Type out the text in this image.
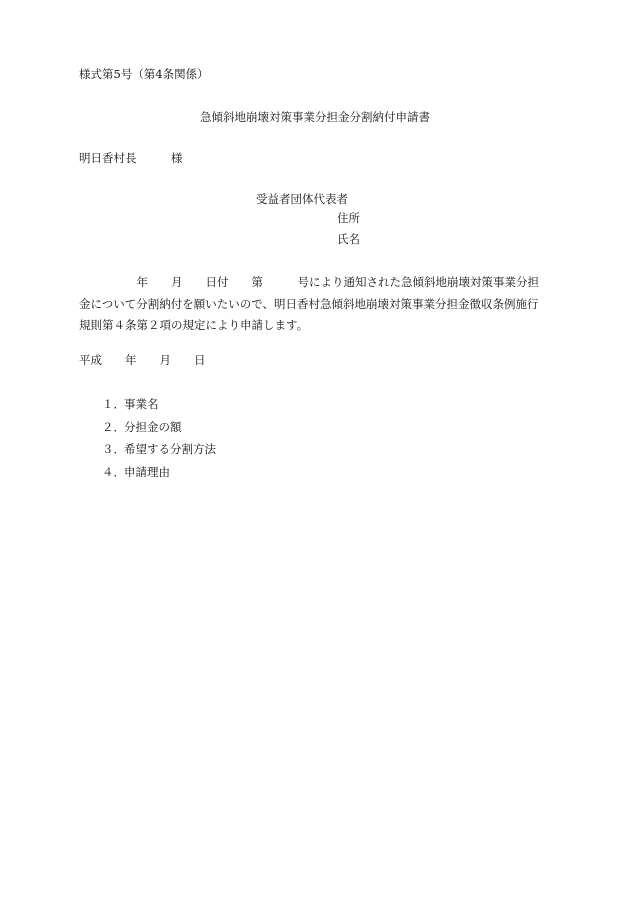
様式第5号（第4条関係）
急傾斜地崩壊対策事業分担金分割納付申請書
明日香村長　　　様
受益者団体代表者
住所
氏名
　　　　　年　　月　　日付　　第　　　号により通知された急傾斜地崩壊対策事業分担
金について分割納付を願いたいので、明日香村急傾斜地崩壊対策事業分担金徴収条例施行
規則第４条第２項の規定により申請します。
平成　　年　　月　　日
１．事業名
２．分担金の額
３．希望する分割方法
４．申請理由
